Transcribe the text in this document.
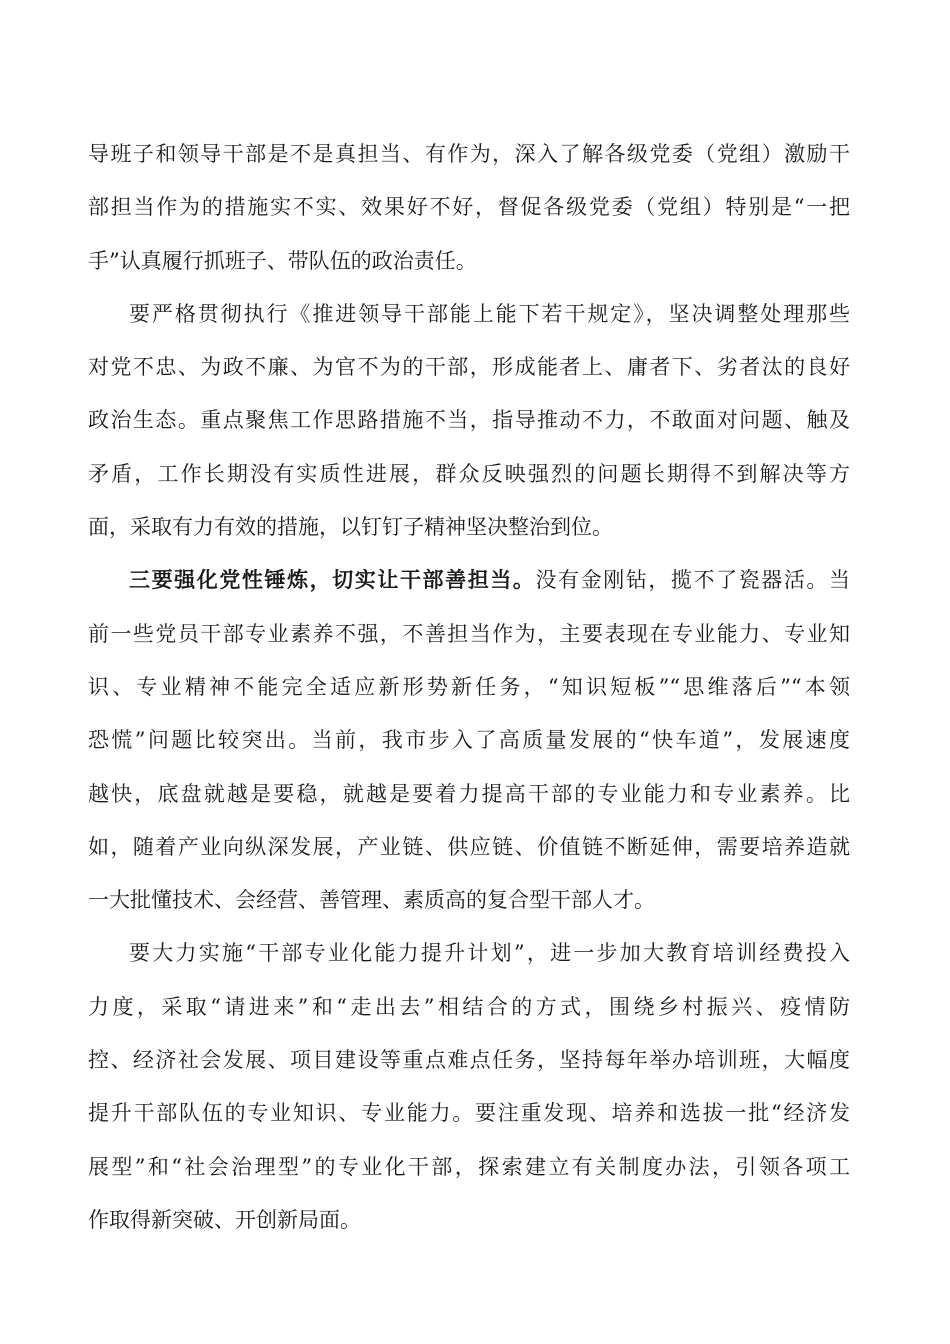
导班子和领导干部是不是真担当、有作为，深入了解各级党委（党组）激励干
部担当作为的措施实不实、效果好不好，督促各级党委（党组）特别是“一把
手”认真履行抓班子、带队伍的政治责任。
要严格贯彻执行《推进领导干部能上能下若干规定》，坚决调整处理那些
对党不忠、为政不廉、为官不为的干部，形成能者上、庸者下、劣者汰的良好
政治生态。重点聚焦工作思路措施不当，指导推动不力，不敢面对问题、触及
矛盾，工作长期没有实质性进展，群众反映强烈的问题长期得不到解决等方
面，采取有力有效的措施，以钉钉子精神坚决整治到位。
三要强化党性锤炼，切实让干部善担当。没有金刚钻，揽不了瓷器活。当
前一些党员干部专业素养不强，不善担当作为，主要表现在专业能力、专业知
识、专业精神不能完全适应新形势新任务，“知识短板”“思维落后”“本领
恐慌”问题比较突出。当前，我市步入了高质量发展的“快车道”，发展速度
越快，底盘就越是要稳，就越是要着力提高干部的专业能力和专业素养。比
如，随着产业向纵深发展，产业链、供应链、价值链不断延伸，需要培养造就
一大批懂技术、会经营、善管理、素质高的复合型干部人才。
要大力实施“干部专业化能力提升计划”，进一步加大教育培训经费投入
力度，采取“请进来”和“走出去”相结合的方式，围绕乡村振兴、疫情防
控、经济社会发展、项目建设等重点难点任务，坚持每年举办培训班，大幅度
提升干部队伍的专业知识、专业能力。要注重发现、培养和选拔一批“经济发
展型”和“社会治理型”的专业化干部，探索建立有关制度办法，引领各项工
作取得新突破、开创新局面。
